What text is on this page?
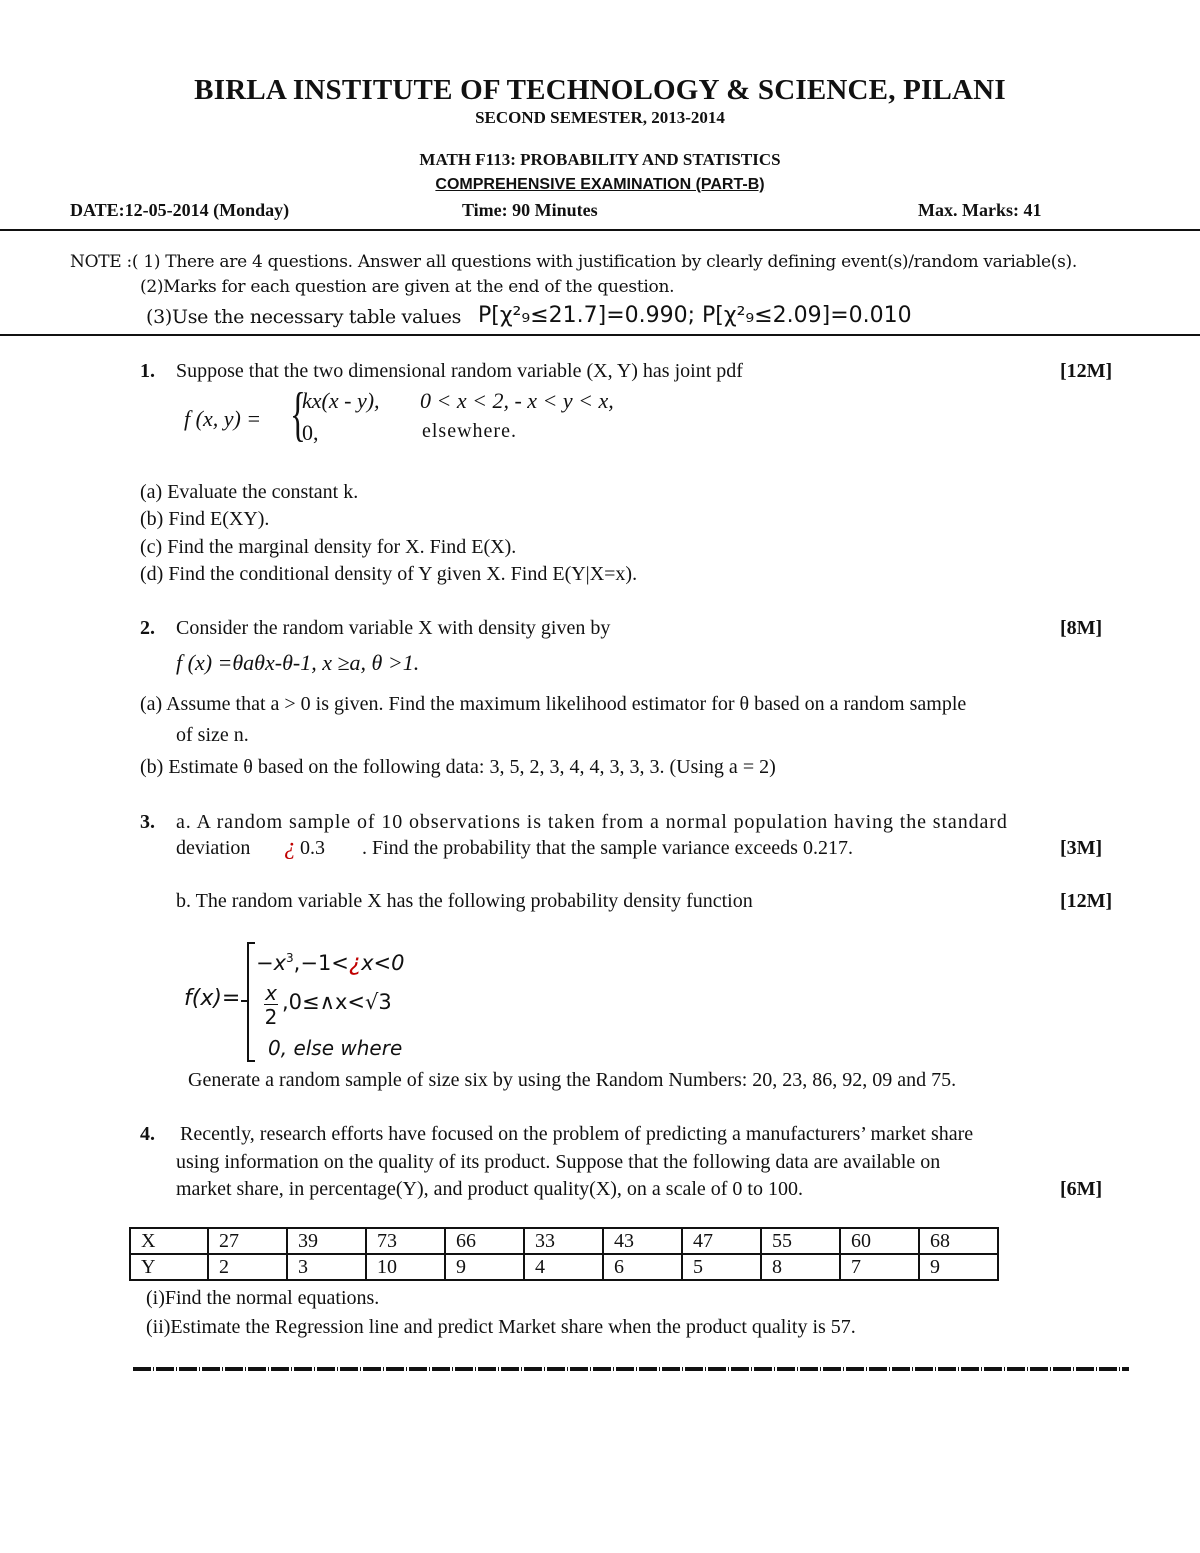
BIRLA INSTITUTE OF TECHNOLOGY & SCIENCE, PILANI
SECOND SEMESTER, 2013-2014
MATH F113: PROBABILITY AND STATISTICS
COMPREHENSIVE EXAMINATION (PART-B)
DATE:12-05-2014 (Monday)	Time: 90 Minutes	Max. Marks: 41
NOTE :( 1) There are 4 questions. Answer all questions with justification by clearly defining event(s)/random variable(s).
(2)Marks for each question are given at the end of the question.
(3)Use the necessary table values P[χ²₉≤21.7]=0.990; P[χ²₉≤2.09]=0.010
1. Suppose that the two dimensional random variable (X, Y) has joint pdf	[12M]
f (x, y) = {
kx(x - y), 0 < x < 2, - x < y < x,
0,	elsewhere.
(a) Evaluate the constant k.
(b) Find E(XY).
(c) Find the marginal density for X. Find E(X).
(d) Find the conditional density of Y given X. Find E(Y|X=x).
2. Consider the random variable X with density given by	[8M]
f (x) =θaθx-θ-1, x ≥a, θ >1.
(a) Assume that a > 0 is given. Find the maximum likelihood estimator for θ based on a random sample
of size n.
(b) Estimate θ based on the following data: 3, 5, 2, 3, 4, 4, 3, 3, 3. (Using a = 2)
3. a. A random sample of 10 observations is taken from a normal population having the standard
deviation ¿ 0.3 . Find the probability that the sample variance exceeds 0.217.	[3M]
b. The random variable X has the following probability density function	[12M]
f(x)=
$-x^3,-1<¿x<0$
$\frac{x}{2}$ ,0≤∧x<√3
0, else where
Generate a random sample of size six by using the Random Numbers: 20, 23, 86, 92, 09 and 75.
4. Recently, research efforts have focused on the problem of predicting a manufacturers’ market share
using information on the quality of its product. Suppose that the following data are available on
market share, in percentage(Y), and product quality(X), on a scale of 0 to 100.	[6M]
X	27	39	73	66	33	43	47	55	60	68
Y	2	3	10	9	4	6	5	8	7	9
(i)Find the normal equations.
(ii)Estimate the Regression line and predict Market share when the product quality is 57.
